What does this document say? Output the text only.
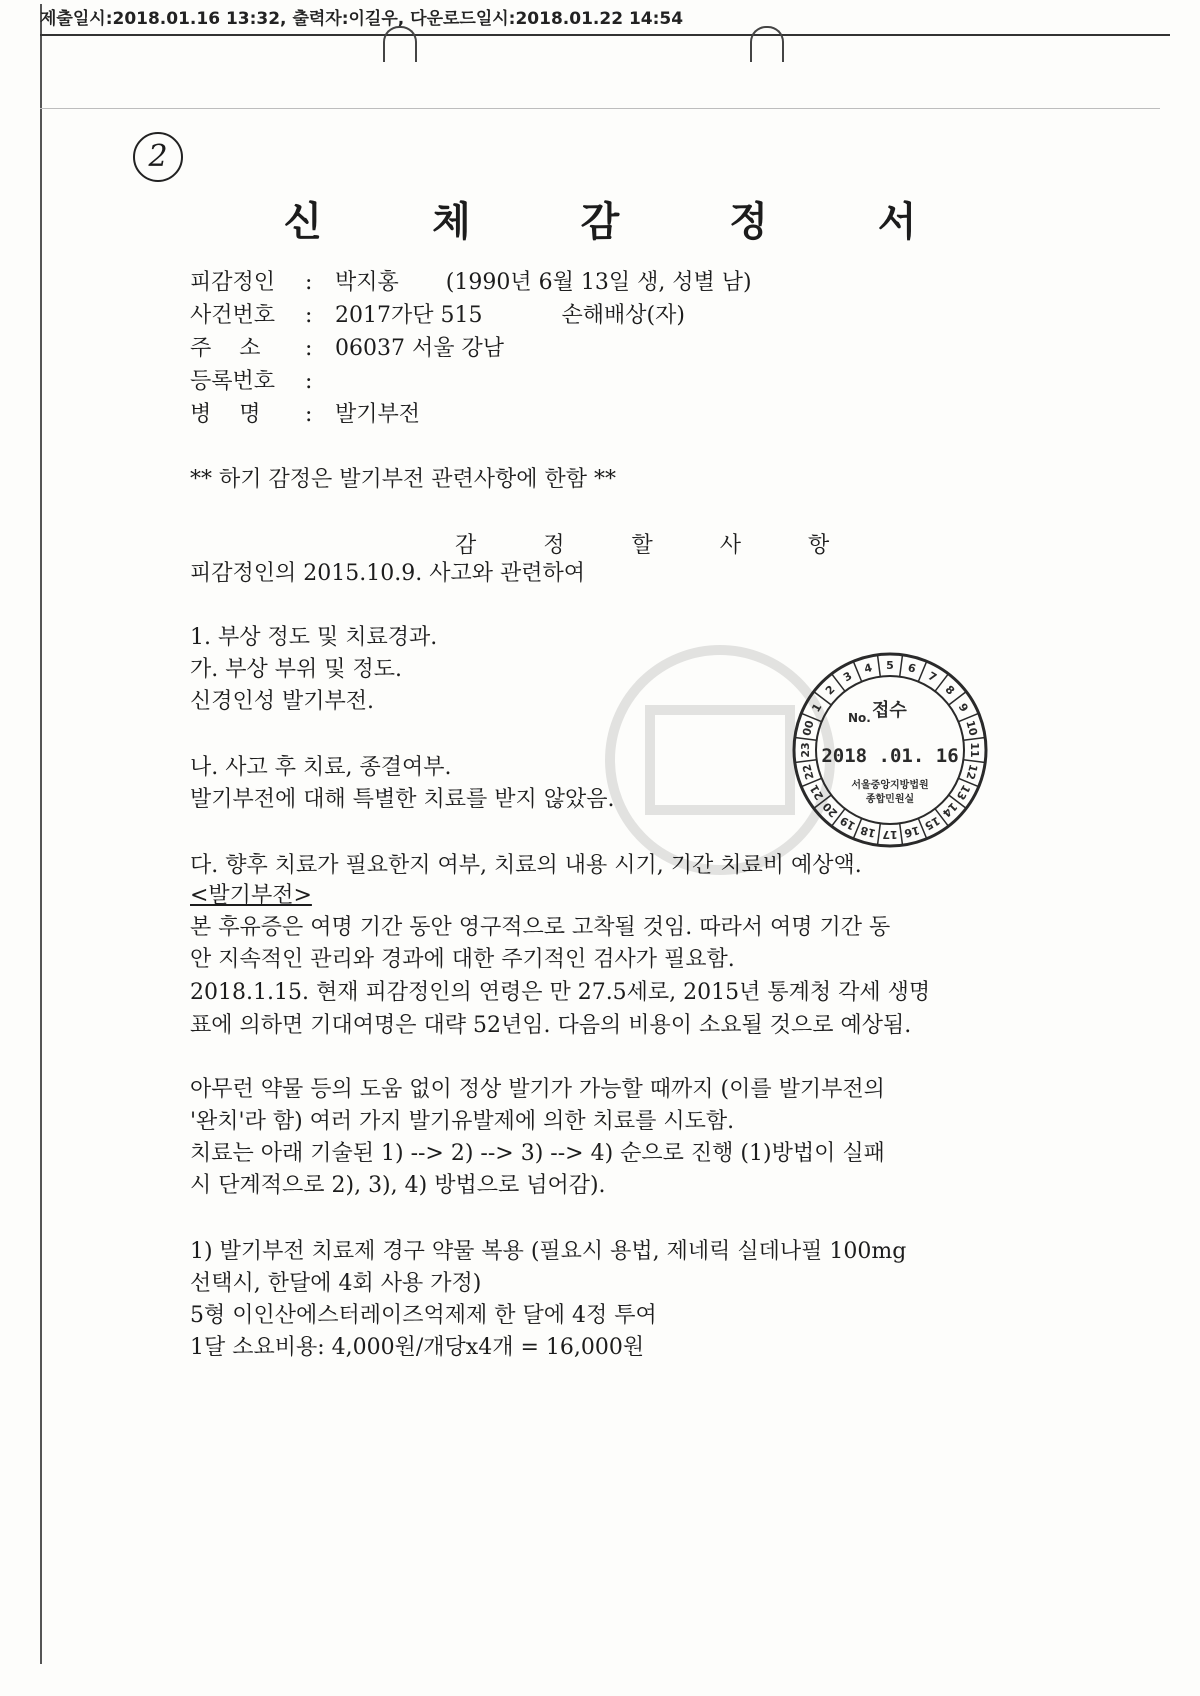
제출일시:2018.01.16 13:32, 출력자:이길우, 다운로드일시:2018.01.22 14:54
2
신 체 감 정 서
피감정인 : 박지홍 (1990년 6월 13일 생, 성별 남)
사건번호 : 2017가단 515	손해배상(자)
주    소 : 06037 서울 강남
등록번호 :
병    명 : 발기부전
** 하기 감정은 발기부전 관련사항에 한함 **
감 정 할 사 항
피감정인의 2015.10.9. 사고와 관련하여
1. 부상 정도 및 치료경과.
가. 부상 부위 및 정도.
신경인성 발기부전.
나. 사고 후 치료, 종결여부.
발기부전에 대해 특별한 치료를 받지 않았음.
다. 향후 치료가 필요한지 여부, 치료의 내용 시기, 기간 치료비 예상액.
<발기부전>
본 후유증은 여명 기간 동안 영구적으로 고착될 것임. 따라서 여명 기간 동
안 지속적인 관리와 경과에 대한 주기적인 검사가 필요함.
2018.1.15. 현재 피감정인의 연령은 만 27.5세로, 2015년 통계청 각세 생명
표에 의하면 기대여명은 대략 52년임. 다음의 비용이 소요될 것으로 예상됨.
아무런 약물 등의 도움 없이 정상 발기가 가능할 때까지 (이를 발기부전의
'완치'라 함) 여러 가지 발기유발제에 의한 치료를 시도함.
치료는 아래 기술된 1) --> 2) --> 3) --> 4) 순으로 진행 (1)방법이 실패
시 단계적으로 2), 3), 4) 방법으로 넘어감).
1) 발기부전 치료제 경구 약물 복용 (필요시 용법, 제네릭 실데나필 100mg
선택시, 한달에 4회 사용 가정)
5형 이인산에스터레이즈억제제 한 달에 4정 투여
1달 소요비용: 4,000원/개당x4개 = 16,000원
1
2
3
4 5 6
7
8
9
10
11
12
13
14
15
16
17
18
19
20
21
22
23
00
No. 접수
2018 .01. 16
서울중앙지방법원
종합민원실
